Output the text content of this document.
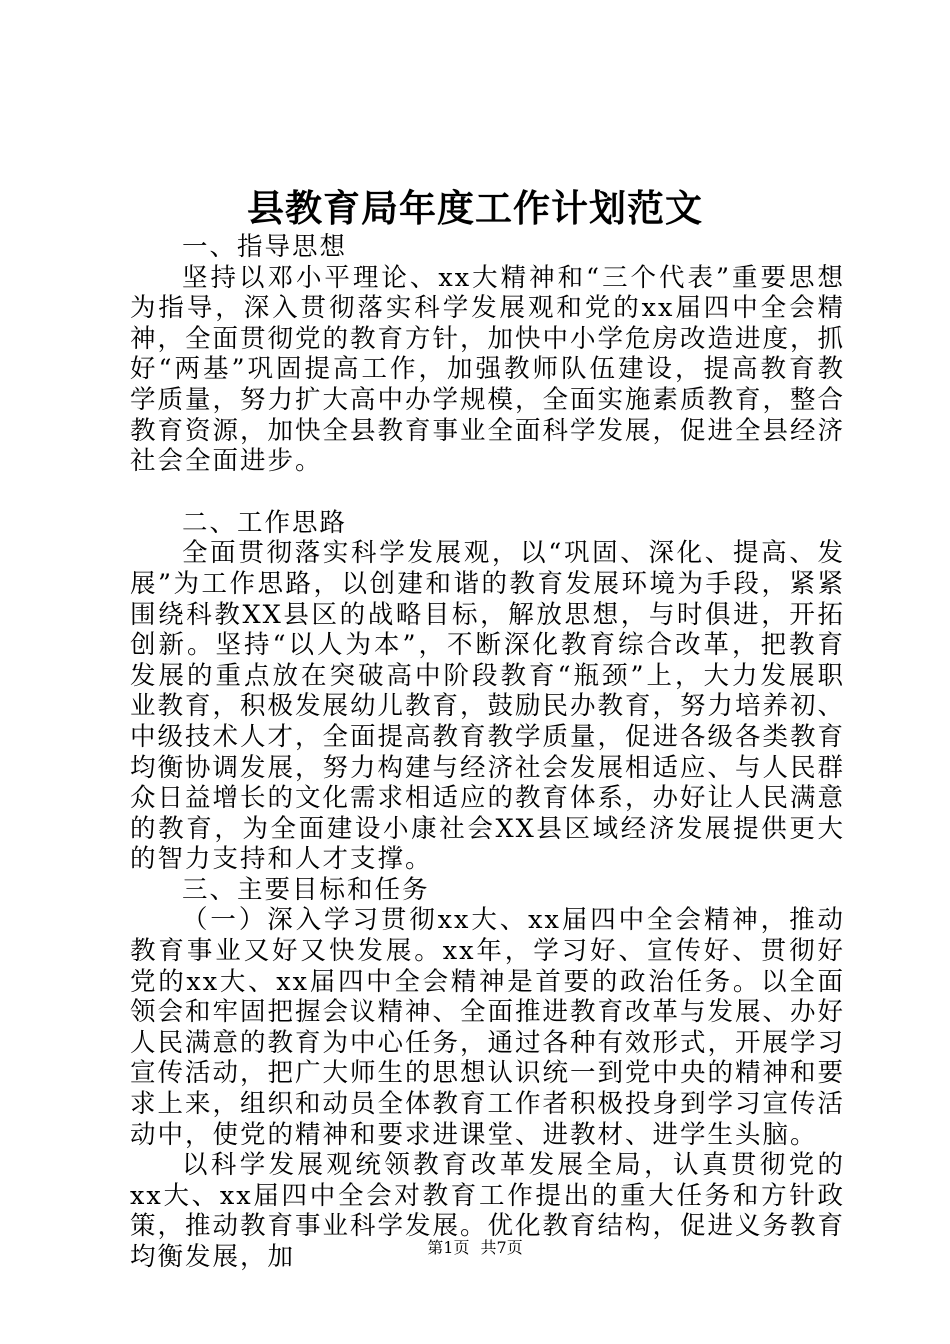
县教育局年度工作计划范文

一、指导思想

坚持以邓小平理论、xx大精神和“三个代表”重要思想为指导，深入贯彻落实科学发展观和党的xx届四中全会精神，全面贯彻党的教育方针，加快中小学危房改造进度，抓好“两基”巩固提高工作，加强教师队伍建设，提高教育教学质量，努力扩大高中办学规模，全面实施素质教育，整合教育资源，加快全县教育事业全面科学发展，促进全县经济社会全面进步。

二、工作思路

全面贯彻落实科学发展观，以“巩固、深化、提高、发展”为工作思路，以创建和谐的教育发展环境为手段，紧紧围绕科教XX县区的战略目标，解放思想，与时俱进，开拓创新。坚持“以人为本”，不断深化教育综合改革，把教育发展的重点放在突破高中阶段教育“瓶颈”上，大力发展职业教育，积极发展幼儿教育，鼓励民办教育，努力培养初、中级技术人才，全面提高教育教学质量，促进各级各类教育均衡协调发展，努力构建与经济社会发展相适应、与人民群众日益增长的文化需求相适应的教育体系，办好让人民满意的教育，为全面建设小康社会XX县区域经济发展提供更大的智力支持和人才支撑。

三、主要目标和任务

（一）深入学习贯彻xx大、xx届四中全会精神，推动教育事业又好又快发展。xx年，学习好、宣传好、贯彻好党的xx大、xx届四中全会精神是首要的政治任务。以全面领会和牢固把握会议精神、全面推进教育改革与发展、办好人民满意的教育为中心任务，通过各种有效形式，开展学习宣传活动，把广大师生的思想认识统一到党中央的精神和要求上来，组织和动员全体教育工作者积极投身到学习宣传活动中，使党的精神和要求进课堂、进教材、进学生头脑。

以科学发展观统领教育改革发展全局，认真贯彻党的xx大、xx届四中全会对教育工作提出的重大任务和方针政策，推动教育事业科学发展。优化教育结构，促进义务教育均衡发展，加	第1页 共7页
